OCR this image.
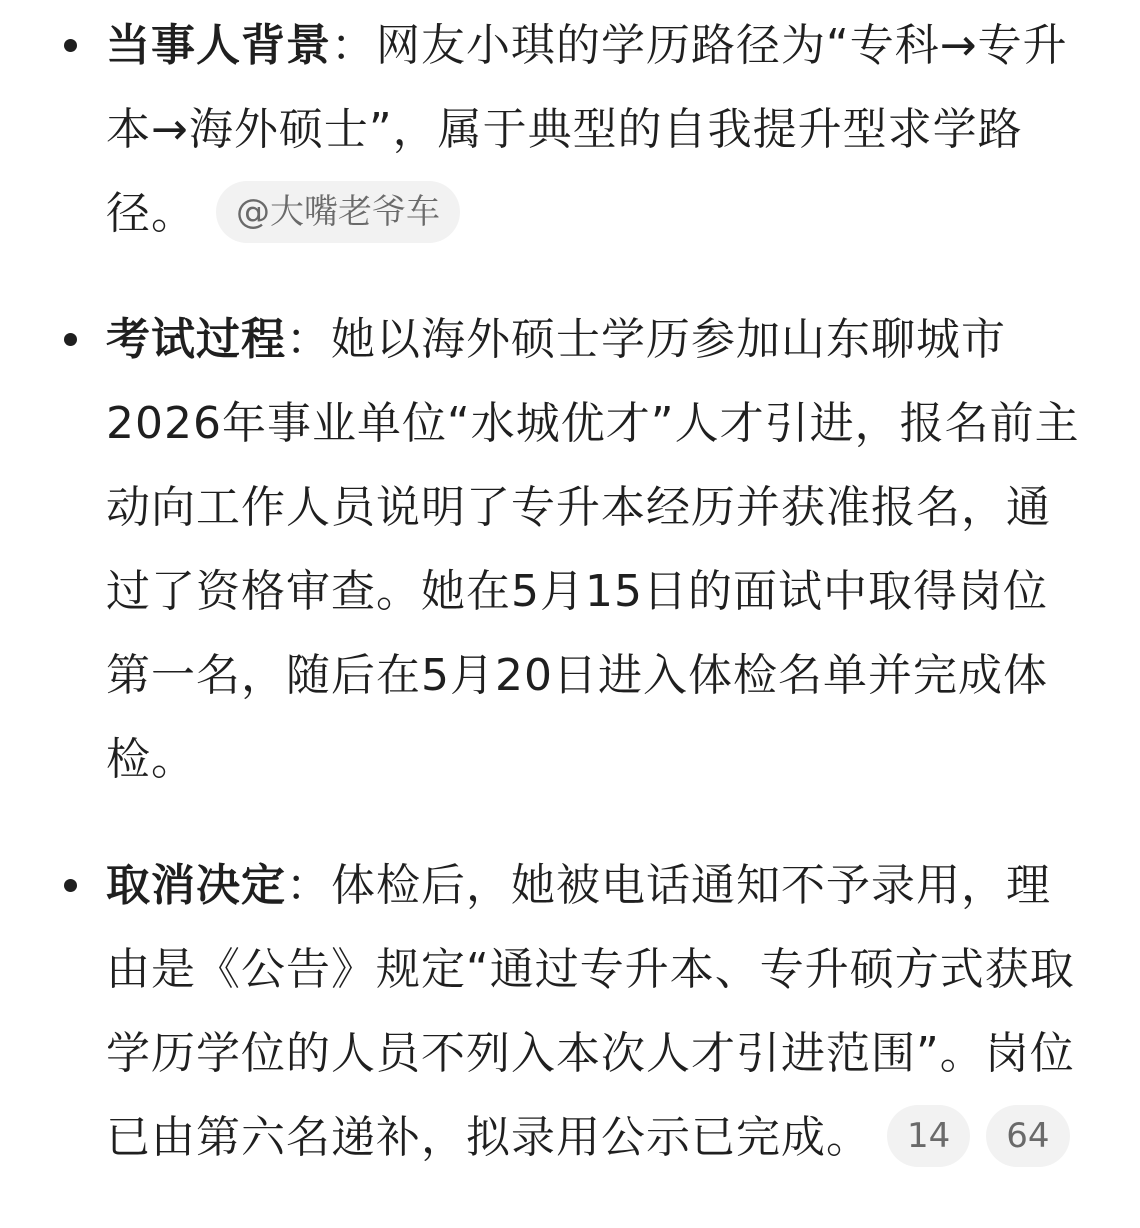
当事人背景：网友小琪的学历路径为“专科→专升本→海外硕士”，属于典型的自我提升型求学路径。 @大嘴老爷车
考试过程：她以海外硕士学历参加山东聊城市2026年事业单位“水城优才”人才引进，报名前主动向工作人员说明了专升本经历并获准报名，通过了资格审查。她在5月15日的面试中取得岗位第一名，随后在5月20日进入体检名单并完成体检。
取消决定：体检后，她被电话通知不予录用，理由是《公告》规定“通过专升本、专升硕方式获取学历学位的人员不列入本次人才引进范围”。岗位已由第六名递补，拟录用公示已完成。 14 64
